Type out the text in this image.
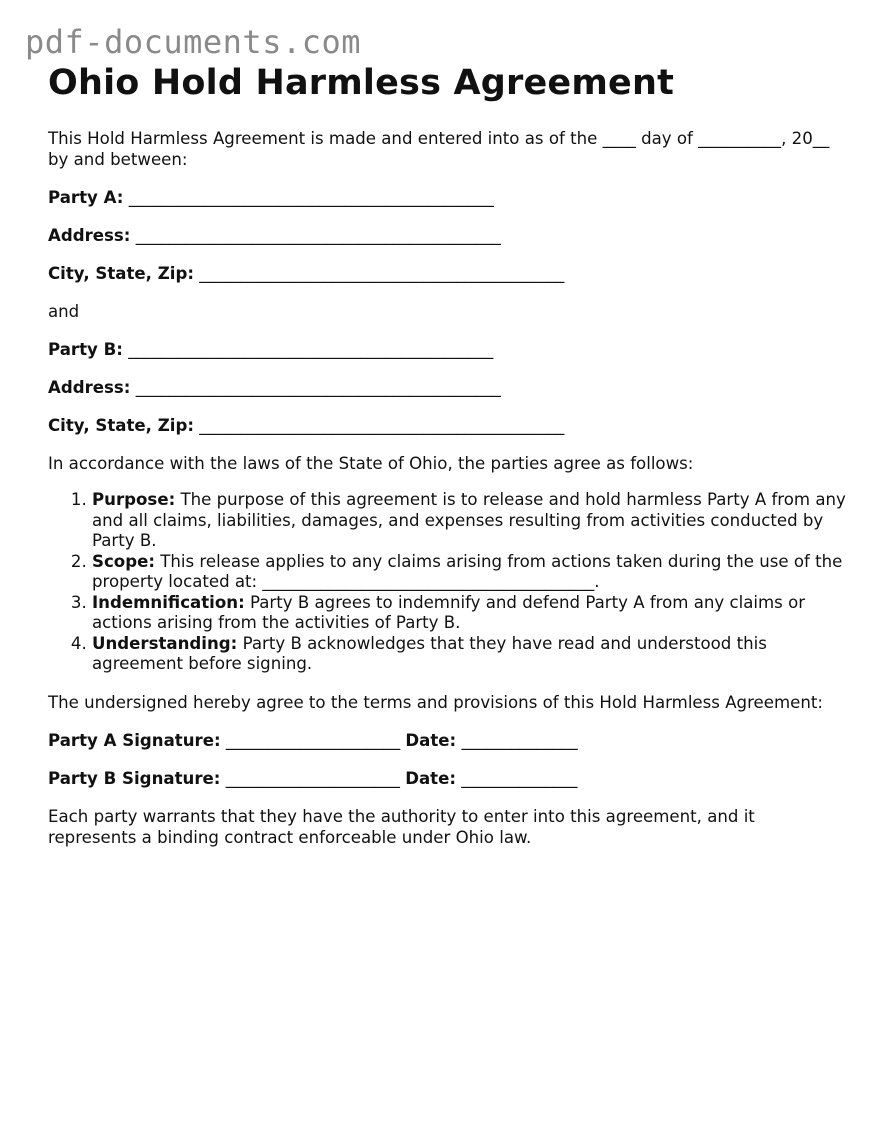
pdf-documents.com
Ohio Hold Harmless Agreement

This Hold Harmless Agreement is made and entered into as of the ____ day of __________, 20__ by and between:

Party A: ____________________________________________

Address: ____________________________________________

City, State, Zip: ____________________________________________

and

Party B: ____________________________________________

Address: ____________________________________________

City, State, Zip: ____________________________________________

In accordance with the laws of the State of Ohio, the parties agree as follows:

1. Purpose: The purpose of this agreement is to release and hold harmless Party A from any and all claims, liabilities, damages, and expenses resulting from activities conducted by Party B.
2. Scope: This release applies to any claims arising from actions taken during the use of the property located at: ________________________________________.
3. Indemnification: Party B agrees to indemnify and defend Party A from any claims or actions arising from the activities of Party B.
4. Understanding: Party B acknowledges that they have read and understood this agreement before signing.

The undersigned hereby agree to the terms and provisions of this Hold Harmless Agreement:

Party A Signature: _____________________ Date: ______________

Party B Signature: _____________________ Date: ______________

Each party warrants that they have the authority to enter into this agreement, and it represents a binding contract enforceable under Ohio law.
